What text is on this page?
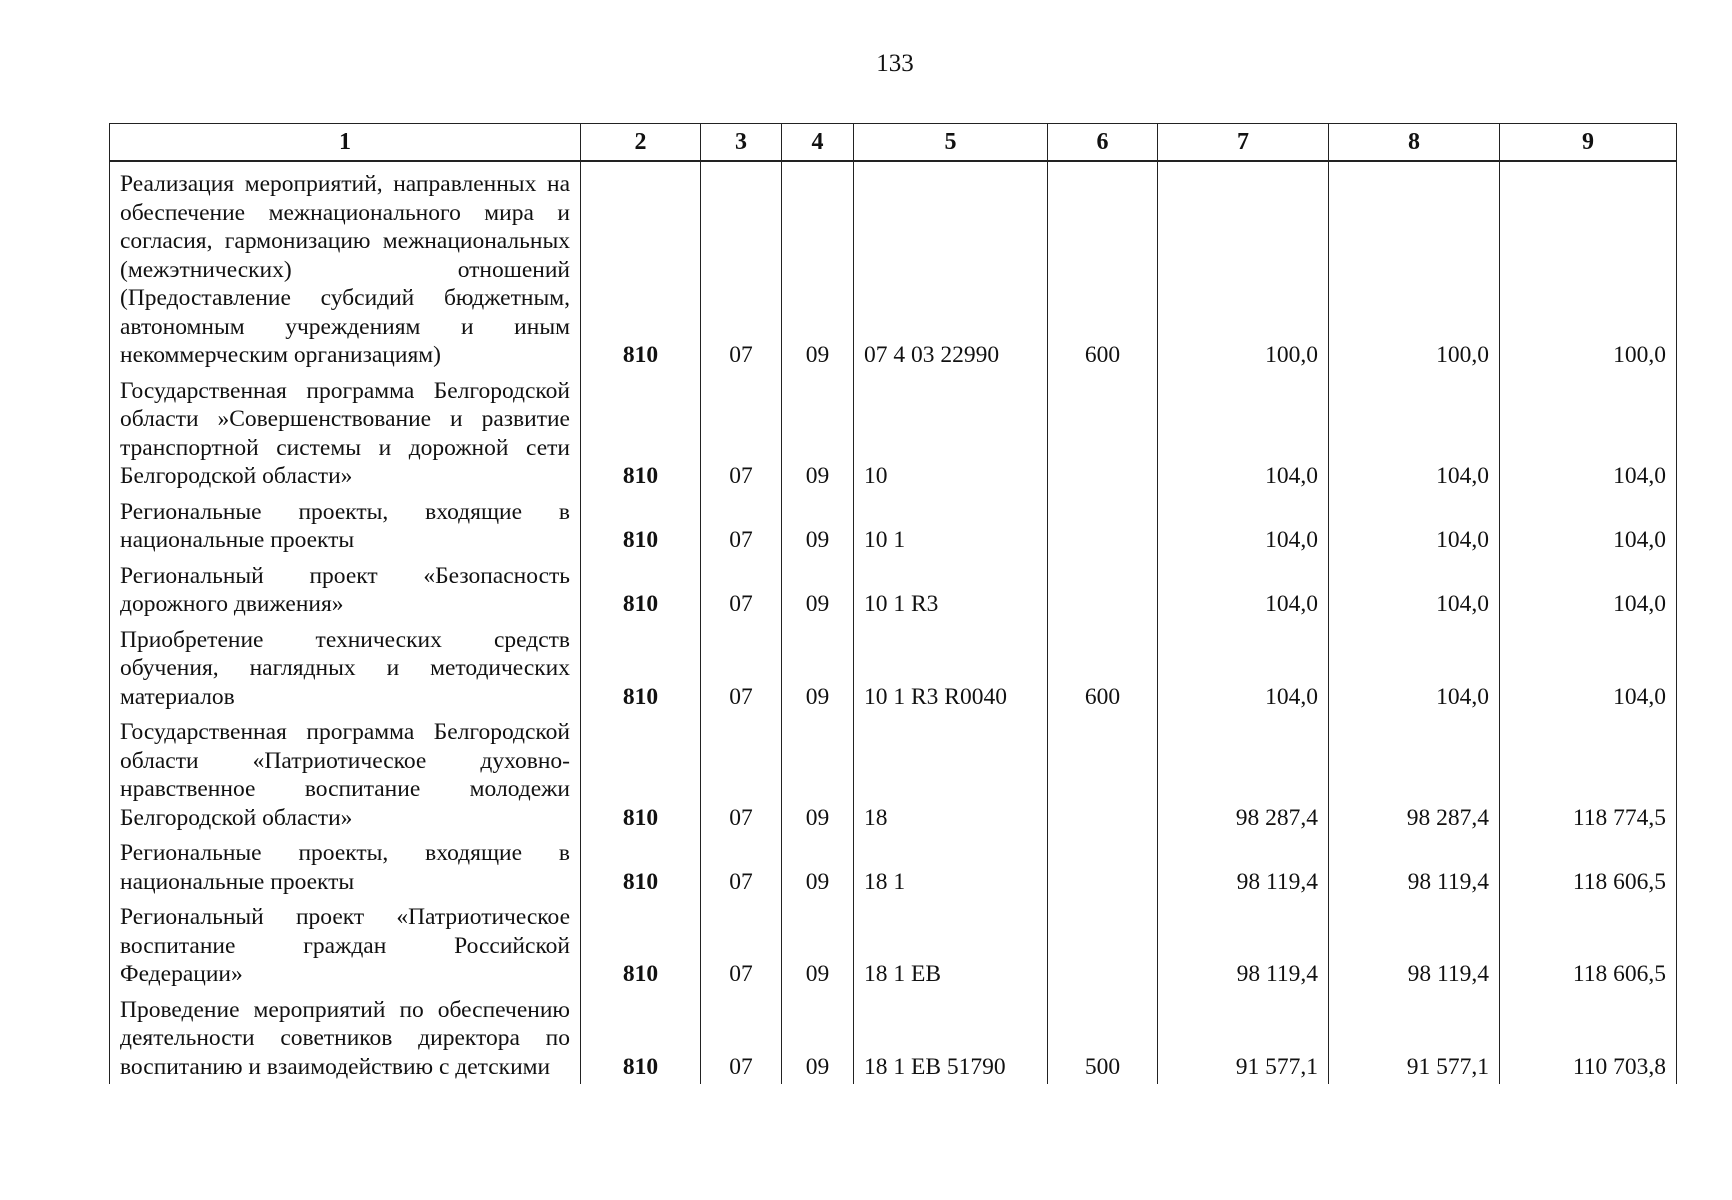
133
1	2	3	4	5	6	7	8	9
Реализация мероприятий, направленных на обеспечение межнационального мира и согласия, гармонизацию межнациональных (межэтнических) отношений (Предоставление субсидий бюджетным, автономным учреждениям и иным некоммерческим организациям)	810	07	09	07 4 03 22990	600	100,0	100,0	100,0
Государственная программа Белгородской области »Совершенствование и развитие транспортной системы и дорожной сети Белгородской области»	810	07	09	10		104,0	104,0	104,0
Региональные проекты, входящие в национальные проекты	810	07	09	10 1		104,0	104,0	104,0
Региональный проект «Безопасность дорожного движения»	810	07	09	10 1 R3		104,0	104,0	104,0
Приобретение технических средств обучения, наглядных и методических материалов	810	07	09	10 1 R3 R0040	600	104,0	104,0	104,0
Государственная программа Белгородской области «Патриотическое духовно-нравственное воспитание молодежи Белгородской области»	810	07	09	18		98 287,4	98 287,4	118 774,5
Региональные проекты, входящие в национальные проекты	810	07	09	18 1		98 119,4	98 119,4	118 606,5
Региональный проект «Патриотическое воспитание граждан Российской Федерации»	810	07	09	18 1 ЕВ		98 119,4	98 119,4	118 606,5
Проведение мероприятий по обеспечению деятельности советников директора по воспитанию и взаимодействию с детскими	810	07	09	18 1 ЕВ 51790	500	91 577,1	91 577,1	110 703,8
